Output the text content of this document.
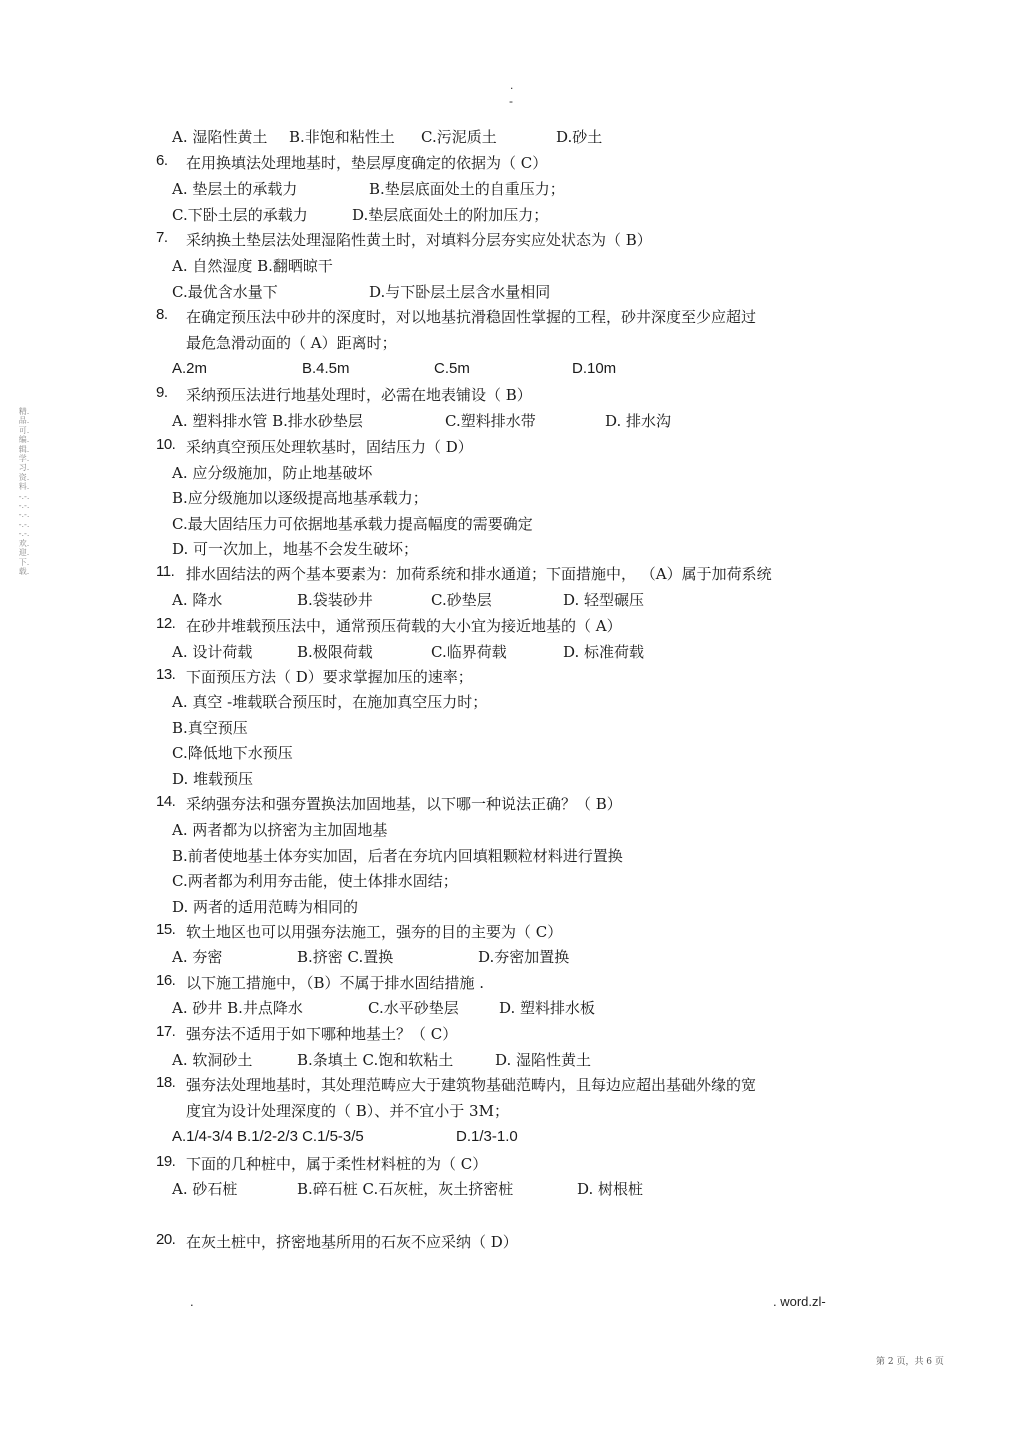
.
-
精.品.可.编.辑.学.习.资.料.-.-.-.-.-.-.-.-.-.-.欢.迎.下.载.
A. 湿陷性黄土 B.非饱和粘性土 C.污泥质土	D.砂土
6. 在用换填法处理地基时，垫层厚度确定的依据为（ C）
A. 垫层土的承载力	B.垫层底面处土的自重压力；
C.下卧土层的承载力	D.垫层底面处土的附加压力；
7. 采纳换土垫层法处理湿陷性黄土时，对填料分层夯实应处状态为（ B）
A. 自然湿度 B.翻晒晾干
C.最优含水量下	D.与下卧层土层含水量相同
8. 在确定预压法中砂井的深度时，对以地基抗滑稳固性掌握的工程，砂井深度至少应超过
最危急滑动面的（ A）距离时；
A.2m	B.4.5m	C.5m	D.10m
9. 采纳预压法进行地基处理时，必需在地表铺设（ B）
A. 塑料排水管 B.排水砂垫层	C.塑料排水带	D. 排水沟
10. 采纳真空预压处理软基时，固结压力（ D）
A. 应分级施加，防止地基破坏
B.应分级施加以逐级提高地基承载力；
C.最大固结压力可依据地基承载力提高幅度的需要确定
D. 可一次加上，地基不会发生破坏；
11. 排水固结法的两个基本要素为：加荷系统和排水通道；下面措施中， （A）属于加荷系统
A. 降水	B.袋装砂井	C.砂垫层	D. 轻型碾压
12. 在砂井堆载预压法中，通常预压荷载的大小宜为接近地基的（ A）
A. 设计荷载	B.极限荷载	C.临界荷载	D. 标准荷载
13. 下面预压方法（ D）要求掌握加压的速率；
A. 真空 -堆载联合预压时，在施加真空压力时；
B.真空预压
C.降低地下水预压
D. 堆载预压
14. 采纳强夯法和强夯置换法加固地基，以下哪一种说法正确？（ B）
A. 两者都为以挤密为主加固地基
B.前者使地基土体夯实加固，后者在夯坑内回填粗颗粒材料进行置换
C.两者都为利用夯击能，使土体排水固结；
D. 两者的适用范畴为相同的
15. 软土地区也可以用强夯法施工，强夯的目的主要为（ C）
A. 夯密	B.挤密 C.置换	D.夯密加置换
16. 以下施工措施中，（B）不属于排水固结措施 .
A. 砂井 B.井点降水	C.水平砂垫层	D. 塑料排水板
17. 强夯法不适用于如下哪种地基土？（ C）
A. 软洞砂土	B.条填土 C.饱和软粘土	D. 湿陷性黄土
18. 强夯法处理地基时，其处理范畴应大于建筑物基础范畴内，且每边应超出基础外缘的宽
度宜为设计处理深度的（ B）、并不宜小于 3M；
A.1/4-3/4 B.1/2-2/3 C.1/5-3/5	D.1/3-1.0
19. 下面的几种桩中，属于柔性材料桩的为（ C）
A. 砂石桩	B.碎石桩 C.石灰桩，灰土挤密桩	D. 树根桩
20. 在灰土桩中，挤密地基所用的石灰不应采纳（ D）
.	. word.zl-
第 2 页，共 6 页
